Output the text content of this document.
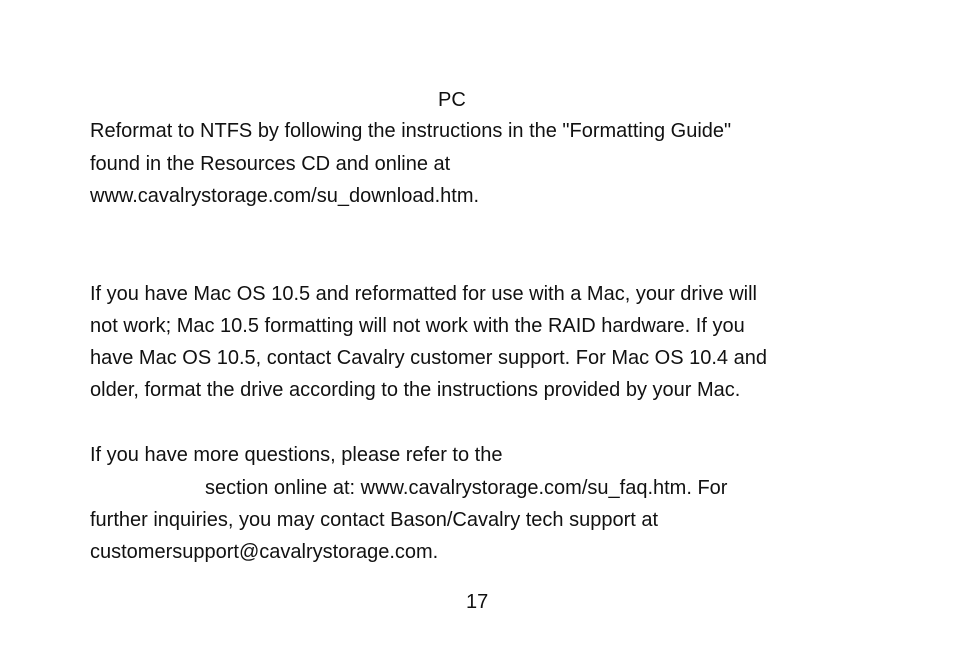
PC
Reformat to NTFS by following the instructions in the "Formatting Guide"
found in the Resources CD and online at
www.cavalrystorage.com/su_download.htm.
If you have Mac OS 10.5 and reformatted for use with a Mac, your drive will
not work; Mac 10.5 formatting will not work with the RAID hardware. If you
have Mac OS 10.5, contact Cavalry customer support. For Mac OS 10.4 and
older, format the drive according to the instructions provided by your Mac.
If you have more questions, please refer to the
section online at: www.cavalrystorage.com/su_faq.htm. For
further inquiries, you may contact Bason/Cavalry tech support at
customersupport@cavalrystorage.com.
17
